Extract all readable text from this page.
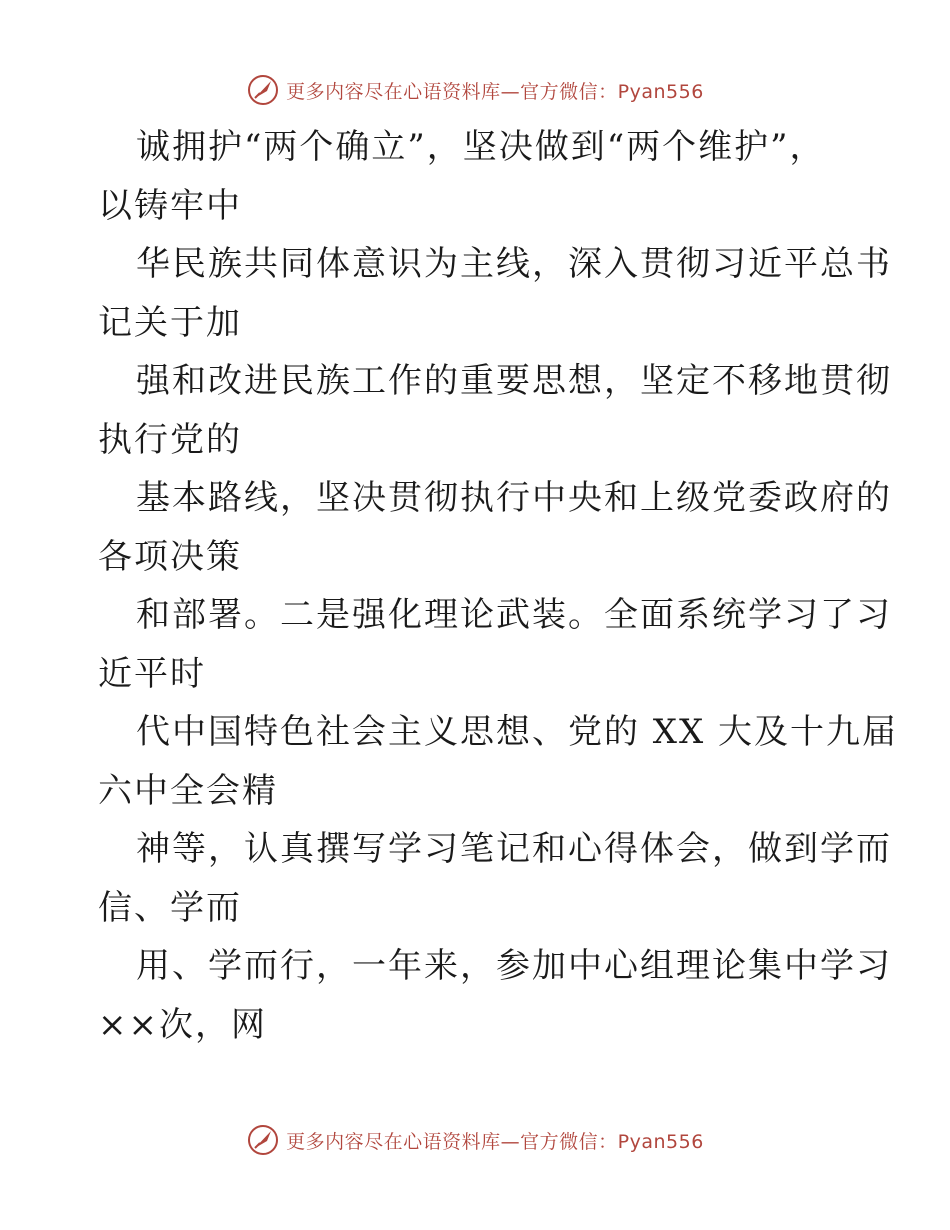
更多内容尽在心语资料库—官方微信：Pyan556
诚拥护“两个确立”，坚决做到“两个维护”，
以铸牢中
华民族共同体意识为主线，深入贯彻习近平总书
记关于加
强和改进民族工作的重要思想，坚定不移地贯彻
执行党的
基本路线，坚决贯彻执行中央和上级党委政府的
各项决策
和部署。二是强化理论武装。全面系统学习了习
近平时
代中国特色社会主义思想、党的 XX 大及十九届
六中全会精
神等，认真撰写学习笔记和心得体会，做到学而
信、学而
用、学而行，一年来，参加中心组理论集中学习
××次，网
更多内容尽在心语资料库—官方微信：Pyan556
